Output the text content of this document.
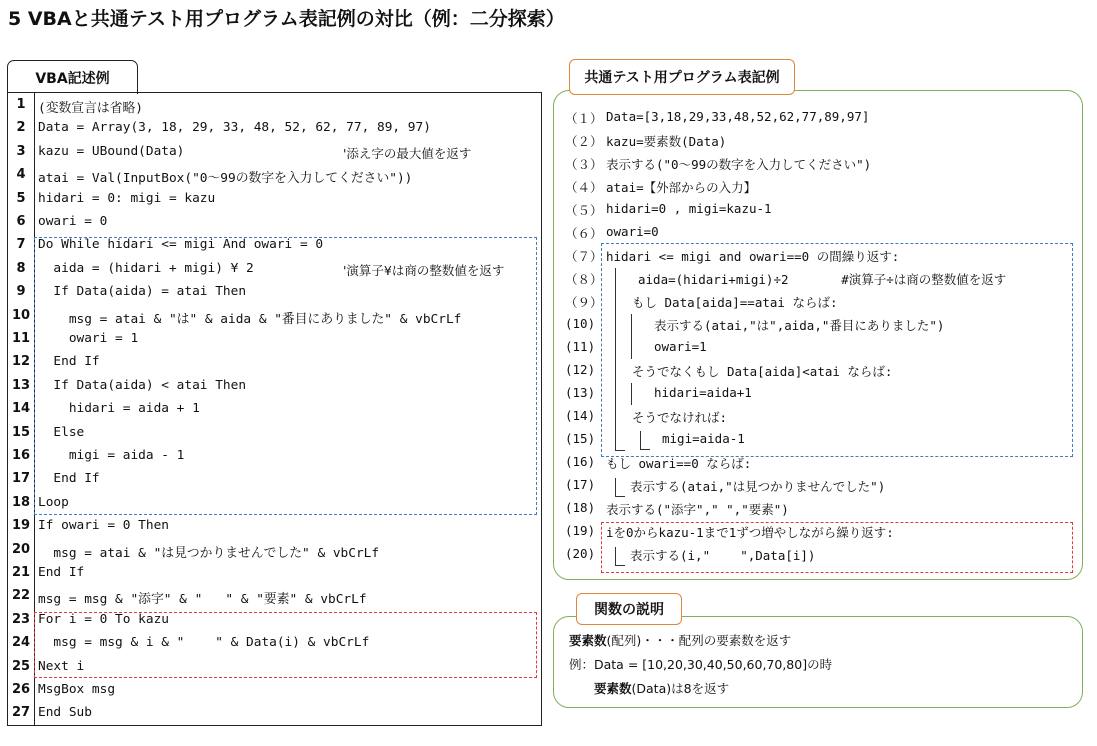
5 VBAと共通テスト用プログラム表記例の対比（例：二分探索）
VBA記述例
1 (変数宣言は省略)
2 Data = Array(3, 18, 29, 33, 48, 52, 62, 77, 89, 97)
3 kazu = UBound(Data)	'添え字の最大値を返す
4 atai = Val(InputBox("0～99の数字を入力してください"))
5 hidari = 0: migi = kazu
6 owari = 0
7 Do While hidari <= migi And owari = 0
8 aida = (hidari + migi) ¥ 2	'演算子¥は商の整数値を返す
9 If Data(aida) = atai Then
10 msg = atai & "は" & aida & "番目にありました" & vbCrLf
11 owari = 1
12 End If
13 If Data(aida) < atai Then
14 hidari = aida + 1
15 Else
16 migi = aida - 1
17 End If
18 Loop
19 If owari = 0 Then
20 msg = atai & "は見つかりませんでした" & vbCrLf
21 End If
22 msg = msg & "添字" & "   " & "要素" & vbCrLf
23 For i = 0 To kazu
24 msg = msg & i & "    " & Data(i) & vbCrLf
25 Next i
26 MsgBox msg
27 End Sub
共通テスト用プログラム表記例
関数の説明
要素数(配列)・・・配列の要素数を返す
例：Data = [10,20,30,40,50,60,70,80]の時
要素数(Data)は8を返す
（１） Data=[3,18,29,33,48,52,62,77,89,97]
（２） kazu=要素数(Data)
（３） 表示する("0～99の数字を入力してください")
（４） atai=【外部からの入力】
（５） hidari=0 , migi=kazu-1
（６） owari=0
（７） hidari <= migi and owari==0 の間繰り返す:
（８）	aida=(hidari+migi)÷2       #演算子÷は商の整数値を返す
（９） もし Data[aida]==atai ならば:
(10)	表示する(atai,"は",aida,"番目にありました")
(11)	owari=1
(12)	そうでなくもし Data[aida]<atai ならば:
(13)	hidari=aida+1
(14)	そうでなければ:
(15)	migi=aida-1
(16) もし owari==0 ならば:
(17)	表示する(atai,"は見つかりませんでした")
(18) 表示する("添字"," ","要素")
(19) iを0からkazu-1まで1ずつ増やしながら繰り返す:
(20)	表示する(i,"    ",Data[i])
